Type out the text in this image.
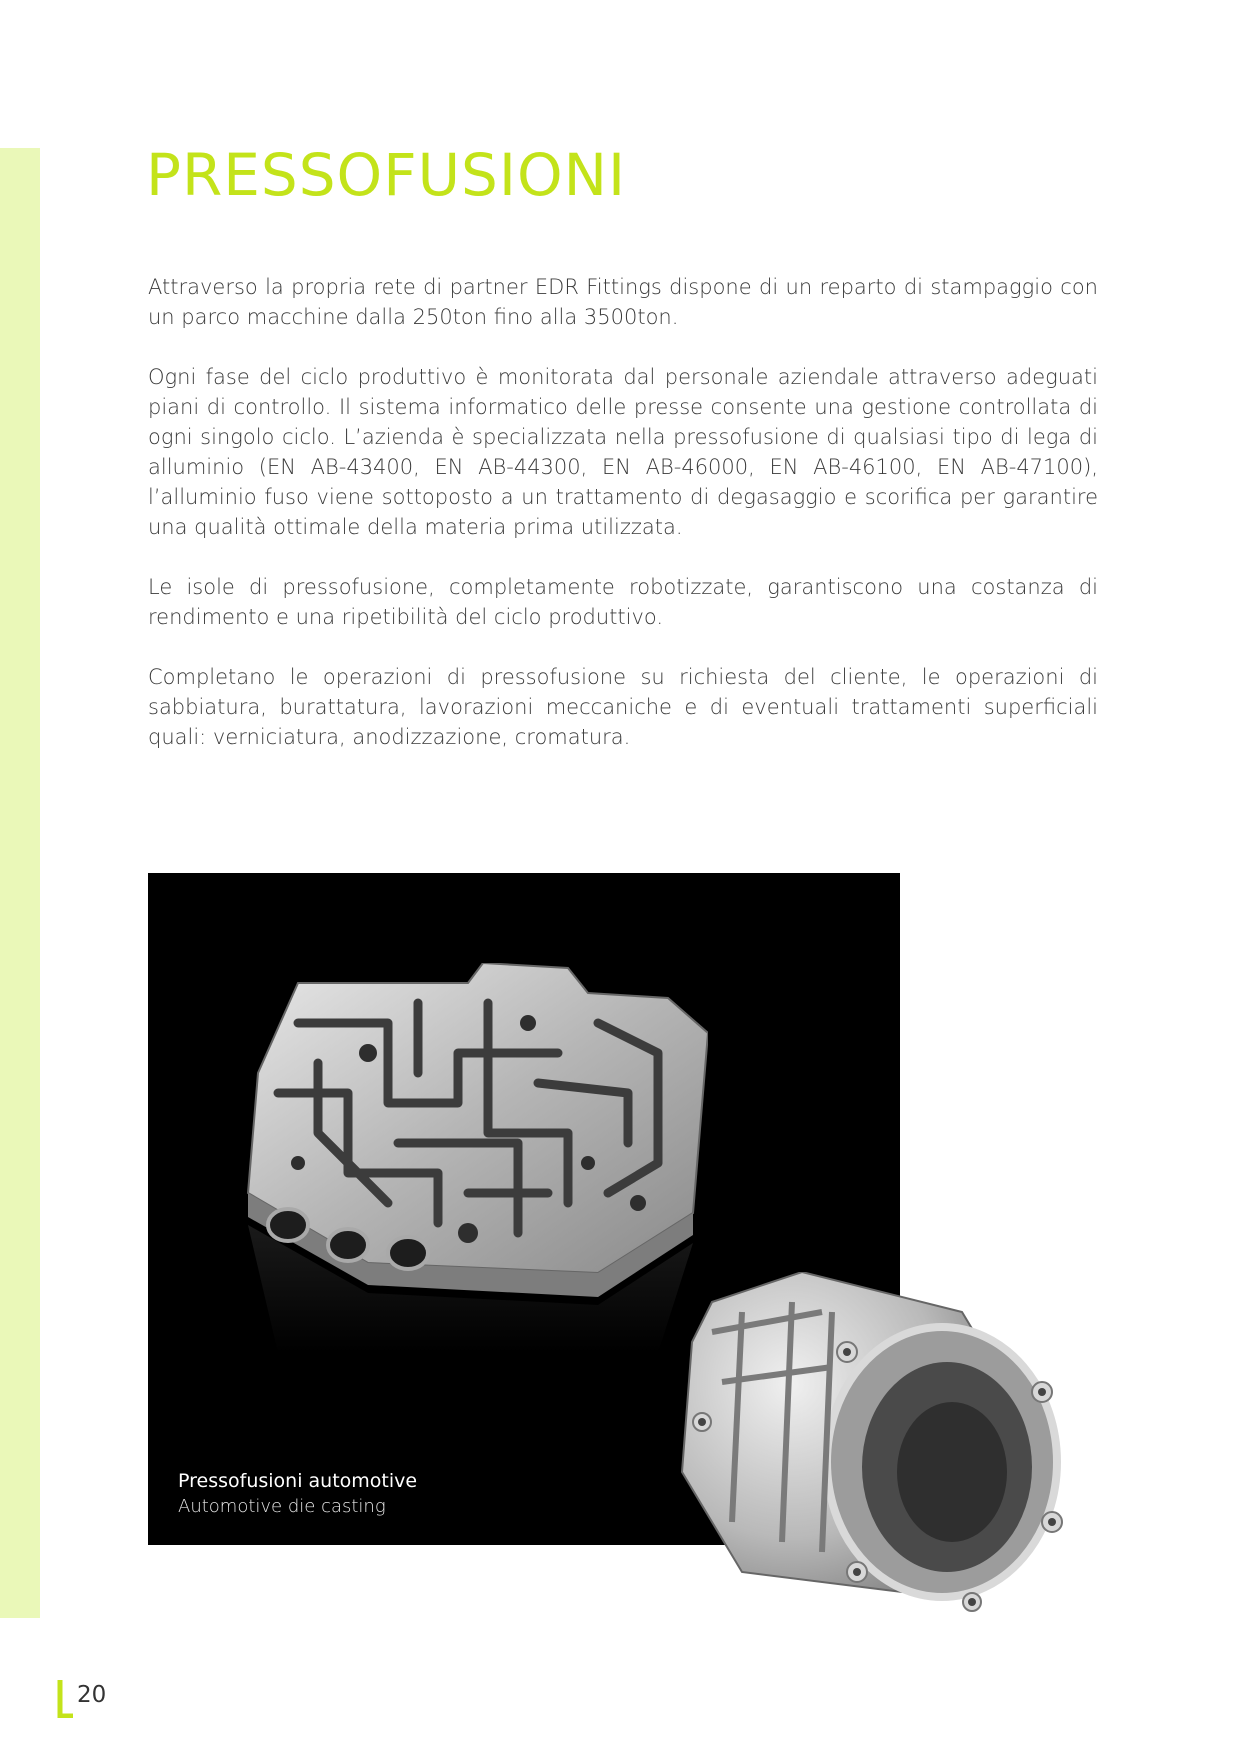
PRESSOFUSIONI

Attraverso la propria rete di partner EDR Fittings dispone di un reparto di stampaggio con un parco macchine dalla 250ton fino alla 3500ton.

Ogni fase del ciclo produttivo è monitorata dal personale aziendale attraverso adeguati piani di controllo. Il sistema informatico delle presse consente una gestione controllata di ogni singolo ciclo. L’azienda è specializzata nella pressofusione di qualsiasi tipo di lega di alluminio (EN AB-43400, EN AB-44300, EN AB-46000, EN AB-46100, EN AB-47100), l’alluminio fuso viene sottoposto a un trattamento di degasaggio e scorifica per garantire una qualità ottimale della materia prima utilizzata.

Le isole di pressofusione, completamente robotizzate, garantiscono una costanza di rendimento e una ripetibilità del ciclo produttivo.

Completano le operazioni di pressofusione su richiesta del cliente, le operazioni di sabbiatura, burattatura, lavorazioni meccaniche e di eventuali trattamenti superficiali quali: verniciatura, anodizzazione, cromatura.

Pressofusioni automotive
Automotive die casting
20
